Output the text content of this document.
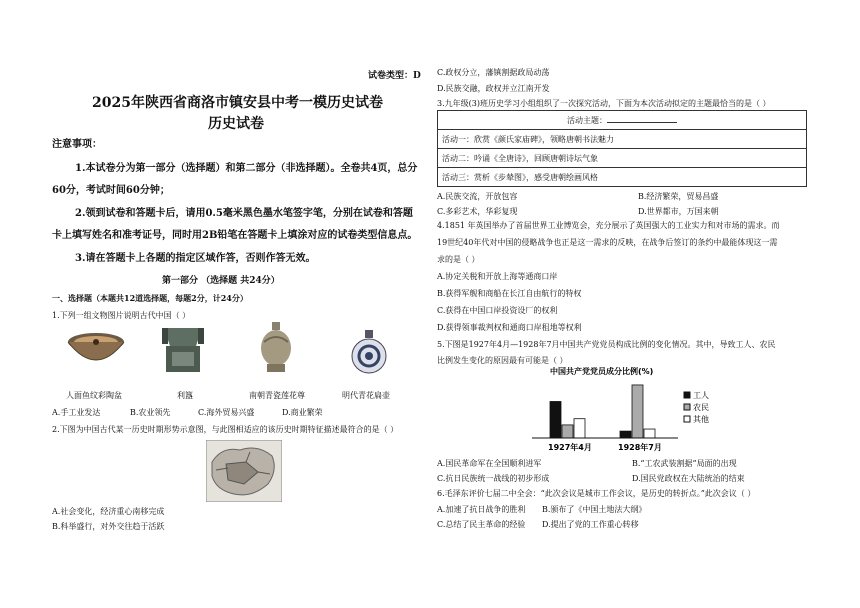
试卷类型：D
2025年陕西省商洛市镇安县中考一模历史试卷
历史试卷
注意事项：
1.本试卷分为第一部分（选择题）和第二部分（非选择题）。全卷共4页，总分
60分，考试时间60分钟；
2.领到试卷和答题卡后，请用0.5毫米黑色墨水笔签字笔，分别在试卷和答题
卡上填写姓名和准考证号，同时用2B铅笔在答题卡上填涂对应的试卷类型信息点。
3.请在答题卡上各题的指定区域作答，否则作答无效。
第一部分 （选择题 共24分）
一、选择题（本题共12道选择题，每题2分，计24分）
1.下列一组文物图片说明古代中国（ ）
人面鱼纹彩陶盆	利簋	南朝青瓷莲花尊	明代青花扁壶
A.手工业发达	B.农业领先	C.海外贸易兴盛	D.商业繁荣
2.下图为中国古代某一历史时期形势示意图，与此图相适应的该历史时期特征描述最符合的是（ ）
A.社会变化，经济重心南移完成
B.科举盛行，对外交往趋于活跃
C.政权分立，藩镇割据政局动荡
D.民族交融，政权并立江南开发
3.九年级(3)班历史学习小组组织了一次探究活动，下面为本次活动拟定的主题最恰当的是（ ）
活动主题：
活动一：欣赏《颜氏家庙碑》，领略唐朝书法魅力
活动二：吟诵《全唐诗》，回顾唐朝诗坛气象
活动三：赏析《步辇图》，感受唐朝绘画风格
A.民族交流，开放包容	B.经济繁荣，贸易昌盛
C.多彩艺术，华彩复现	D.世界都市，万国来朝
4.1851 年英国举办了首届世界工业博览会，充分展示了英国强大的工业实力和对市场的需求。而
19世纪40年代对中国的侵略战争也正是这一需求的反映，在战争后签订的条约中最能体现这一需
求的是（ ）
A.协定关税和开放上海等通商口岸
B.获得军舰和商船在长江自由航行的特权
C.获得在中国口岸投资设厂的权利
D.获得领事裁判权和通商口岸租地等权利
5.下图是1927年4月—1928年7月中国共产党党员构成比例的变化情况。其中，导致工人、农民
比例发生变化的原因最有可能是（ ）
中国共产党党员成分比例(%)
1927年4月	1928年7月
工人
农民
其他
A.国民革命军在全国顺利进军	B.“工农武装割据”局面的出现
C.抗日民族统一战线的初步形成	D.国民党政权在大陆统治的结束
6.毛泽东评价七届二中全会：“此次会议是城市工作会议，是历史的转折点。”此次会议（ ）
A.加速了抗日战争的胜利 B.颁布了《中国土地法大纲》
C.总结了民主革命的经验 D.提出了党的工作重心转移
